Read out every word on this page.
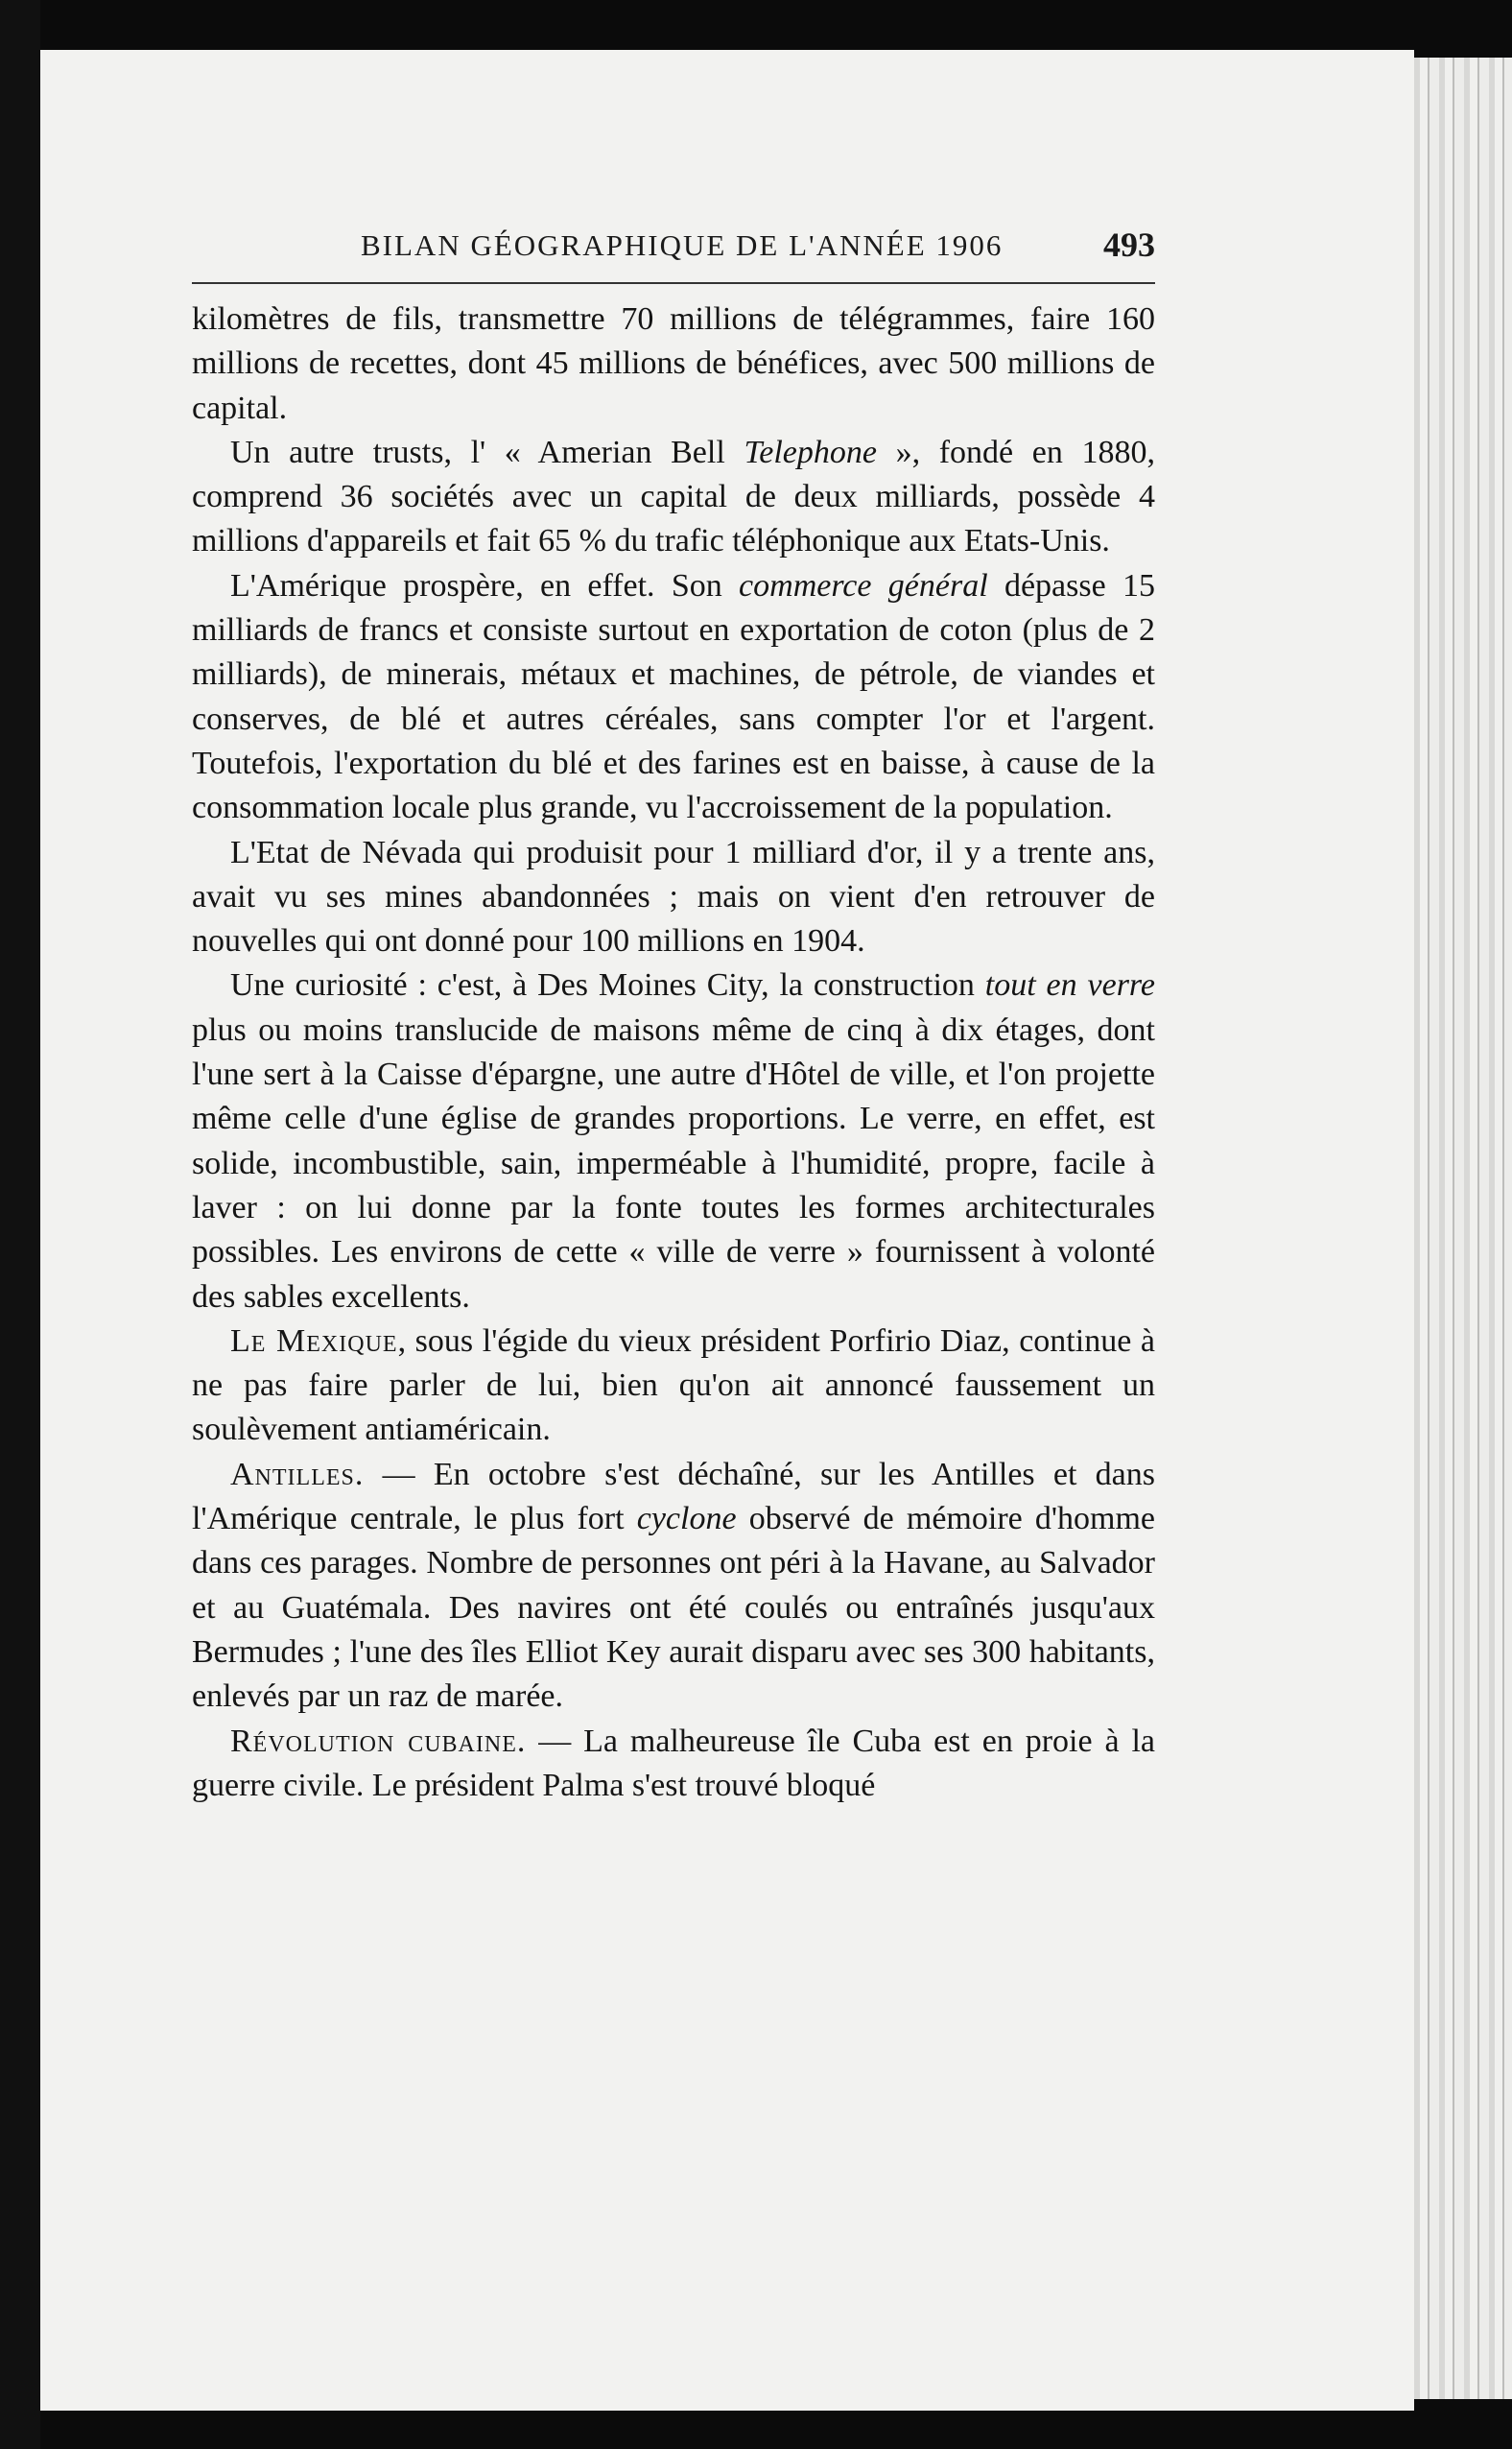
BILAN GÉOGRAPHIQUE DE L'ANNÉE 1906	493

kilomètres de fils, transmettre 70 millions de télégrammes, faire 160 millions de recettes, dont 45 millions de bénéfices, avec 500 millions de capital.

Un autre trusts, l' « Amerian Bell Telephone », fondé en 1880, comprend 36 sociétés avec un capital de deux milliards, possède 4 millions d'appareils et fait 65 % du trafic téléphonique aux Etats-Unis.

L'Amérique prospère, en effet. Son commerce général dépasse 15 milliards de francs et consiste surtout en exportation de coton (plus de 2 milliards), de minerais, métaux et machines, de pétrole, de viandes et conserves, de blé et autres céréales, sans compter l'or et l'argent. Toutefois, l'exportation du blé et des farines est en baisse, à cause de la consommation locale plus grande, vu l'accroissement de la population.

L'Etat de Névada qui produisit pour 1 milliard d'or, il y a trente ans, avait vu ses mines abandonnées ; mais on vient d'en retrouver de nouvelles qui ont donné pour 100 millions en 1904.

Une curiosité : c'est, à Des Moines City, la construction tout en verre plus ou moins translucide de maisons même de cinq à dix étages, dont l'une sert à la Caisse d'épargne, une autre d'Hôtel de ville, et l'on projette même celle d'une église de grandes proportions. Le verre, en effet, est solide, incombustible, sain, imperméable à l'humidité, propre, facile à laver : on lui donne par la fonte toutes les formes architecturales possibles. Les environs de cette « ville de verre » fournissent à volonté des sables excellents.

Le Mexique, sous l'égide du vieux président Porfirio Diaz, continue à ne pas faire parler de lui, bien qu'on ait annoncé faussement un soulèvement antiaméricain.

Antilles. — En octobre s'est déchaîné, sur les Antilles et dans l'Amérique centrale, le plus fort cyclone observé de mémoire d'homme dans ces parages. Nombre de personnes ont péri à la Havane, au Salvador et au Guatémala. Des navires ont été coulés ou entraînés jusqu'aux Bermudes ; l'une des îles Elliot Key aurait disparu avec ses 300 habitants, enlevés par un raz de marée.

Révolution cubaine. — La malheureuse île Cuba est en proie à la guerre civile. Le président Palma s'est trouvé bloqué
